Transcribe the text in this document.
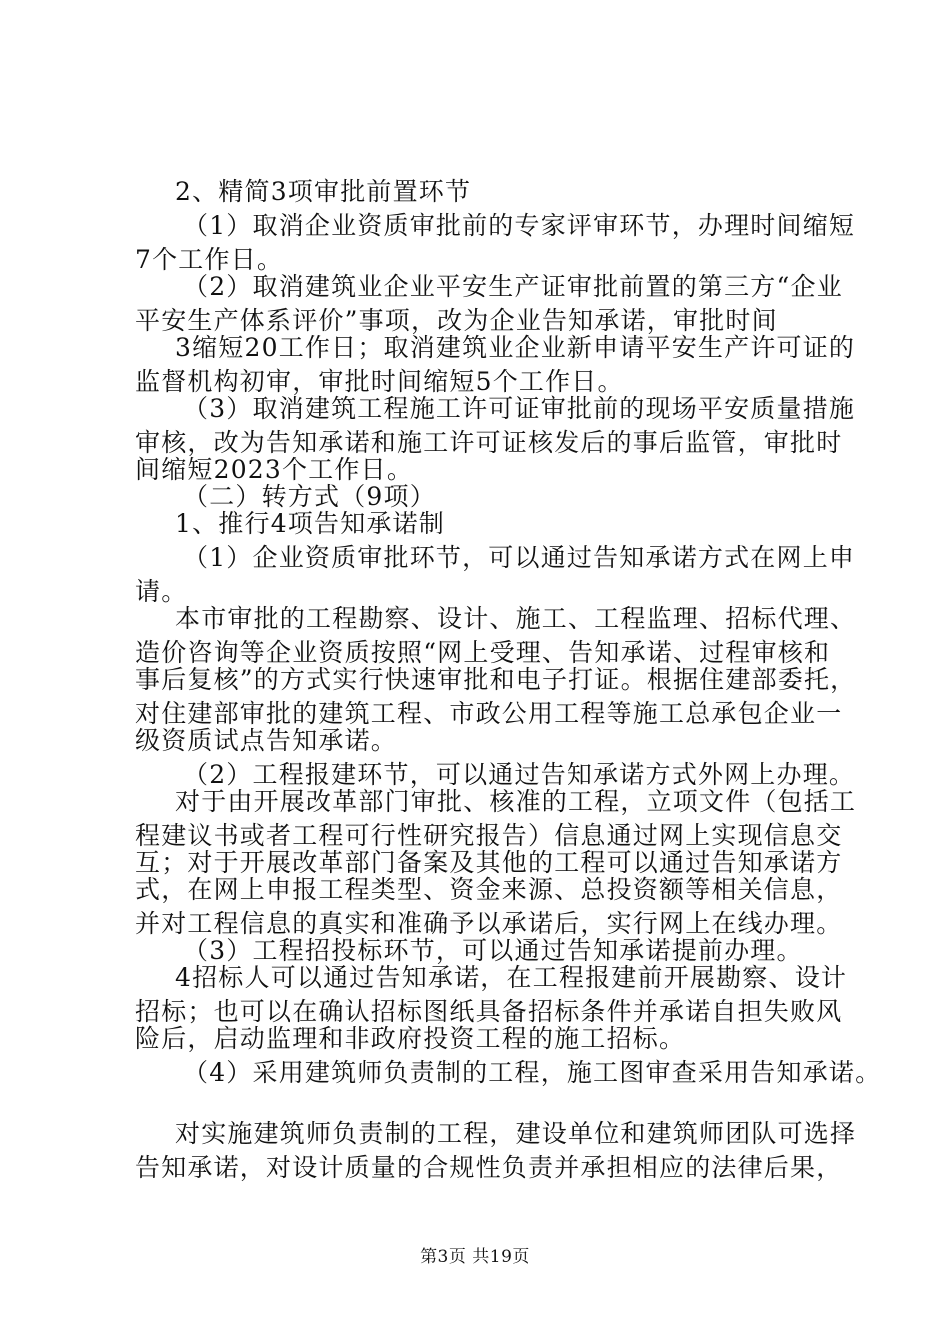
2、精简3项审批前置环节
（1）取消企业资质审批前的专家评审环节，办理时间缩短
7个工作日。
（2）取消建筑业企业平安生产证审批前置的第三方“企业
平安生产体系评价”事项，改为企业告知承诺，审批时间
3缩短20工作日；取消建筑业企业新申请平安生产许可证的
监督机构初审，审批时间缩短5个工作日。
（3）取消建筑工程施工许可证审批前的现场平安质量措施
审核，改为告知承诺和施工许可证核发后的事后监管，审批时
间缩短2023个工作日。
（二）转方式（9项）
1、推行4项告知承诺制
（1）企业资质审批环节，可以通过告知承诺方式在网上申
请。
本市审批的工程勘察、设计、施工、工程监理、招标代理、
造价咨询等企业资质按照“网上受理、告知承诺、过程审核和
事后复核”的方式实行快速审批和电子打证。根据住建部委托，
对住建部审批的建筑工程、市政公用工程等施工总承包企业一
级资质试点告知承诺。
（2）工程报建环节，可以通过告知承诺方式外网上办理。
对于由开展改革部门审批、核准的工程，立项文件（包括工
程建议书或者工程可行性研究报告）信息通过网上实现信息交
互；对于开展改革部门备案及其他的工程可以通过告知承诺方
式，在网上申报工程类型、资金来源、总投资额等相关信息，
并对工程信息的真实和准确予以承诺后，实行网上在线办理。
（3）工程招投标环节，可以通过告知承诺提前办理。
4招标人可以通过告知承诺，在工程报建前开展勘察、设计
招标；也可以在确认招标图纸具备招标条件并承诺自担失败风
险后，启动监理和非政府投资工程的施工招标。
（4）采用建筑师负责制的工程，施工图审查采用告知承诺。
对实施建筑师负责制的工程，建设单位和建筑师团队可选择
告知承诺，对设计质量的合规性负责并承担相应的法律后果，
第3页 共19页
